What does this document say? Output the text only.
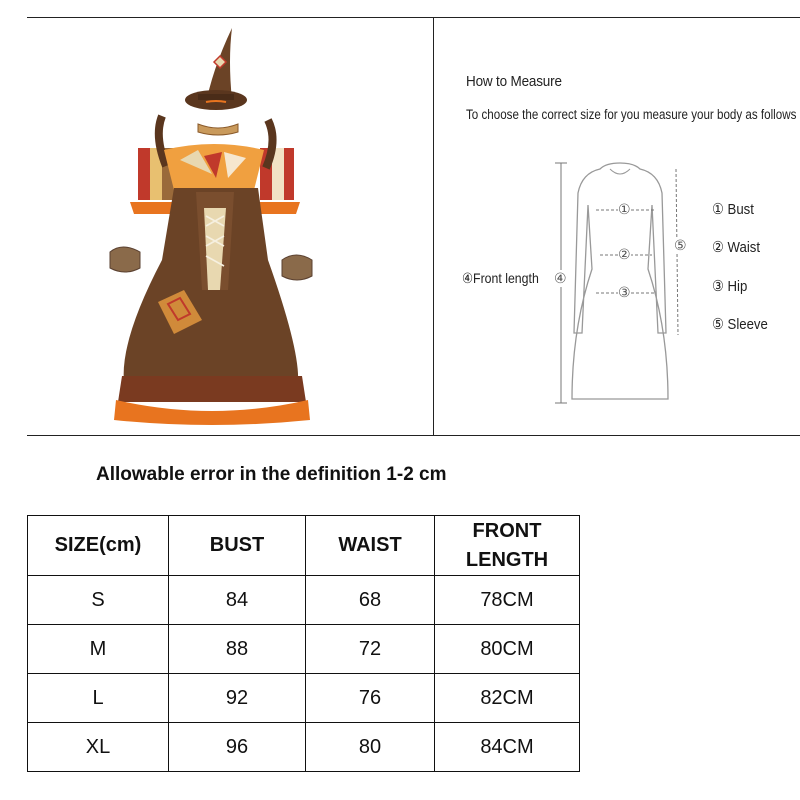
How to Measure
To choose the correct size for you measure your body as follows
①
②
③
④
⑤
④Front length
① Bust
② Waist
③ Hip
⑤ Sleeve
Allowable error in the definition 1-2 cm
SIZE(cm)	BUST	WAIST	FRONT LENGTH
S	84	68	78CM
M	88	72	80CM
L	92	76	82CM
XL	96	80	84CM
